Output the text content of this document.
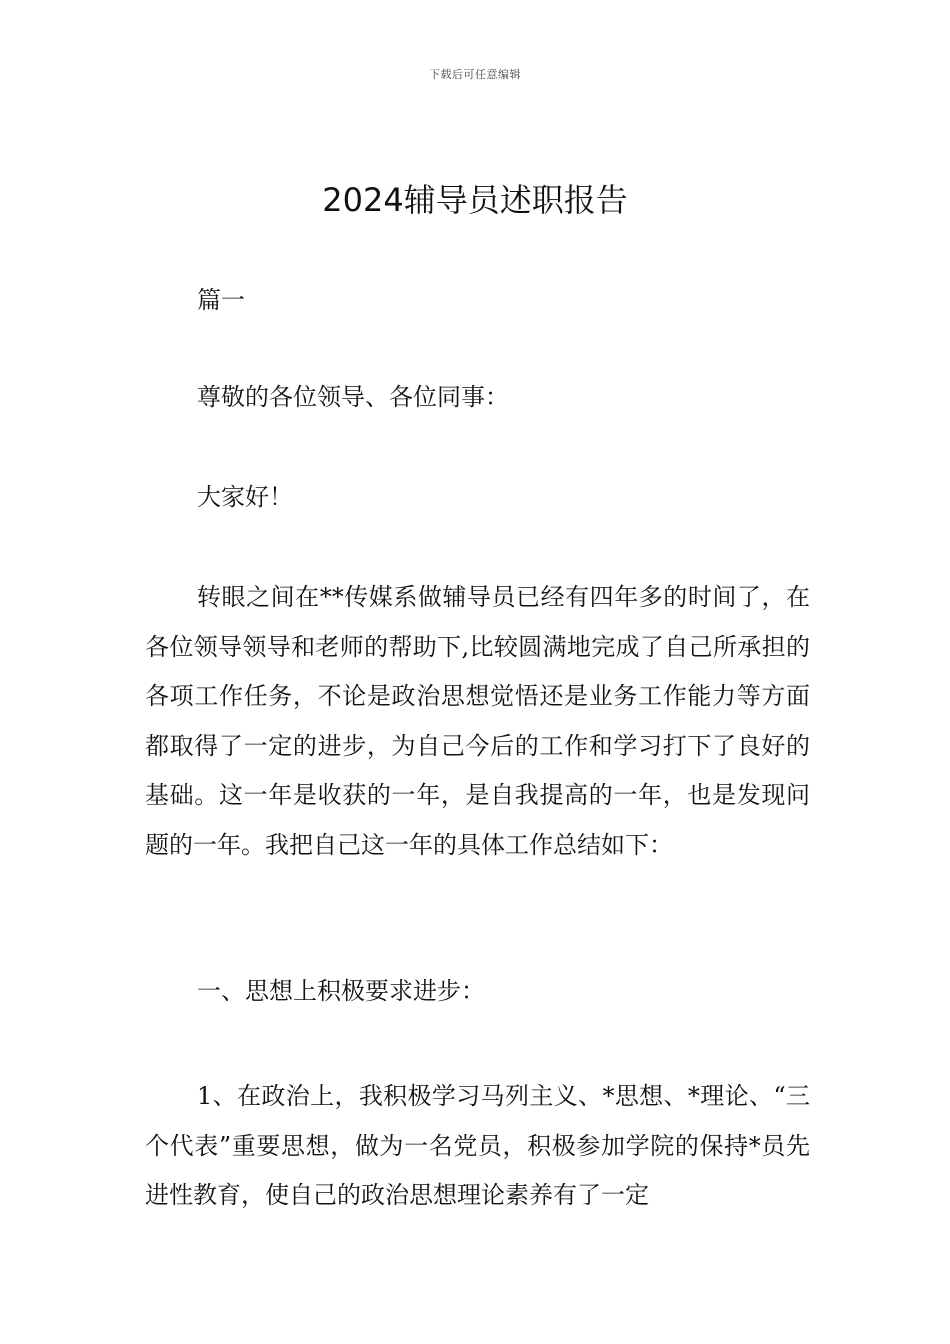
下载后可任意编辑
2024辅导员述职报告

篇一

尊敬的各位领导、各位同事：

大家好！

转眼之间在**传媒系做辅导员已经有四年多的时间了，在各位领导领导和老师的帮助下,比较圆满地完成了自己所承担的各项工作任务，不论是政治思想觉悟还是业务工作能力等方面都取得了一定的进步，为自己今后的工作和学习打下了良好的基础。这一年是收获的一年，是自我提高的一年，也是发现问题的一年。我把自己这一年的具体工作总结如下：

一、思想上积极要求进步：

1、在政治上，我积极学习马列主义、*思想、*理论、“三个代表”重要思想，做为一名党员，积极参加学院的保持*员先进性教育，使自己的政治思想理论素养有了一定
